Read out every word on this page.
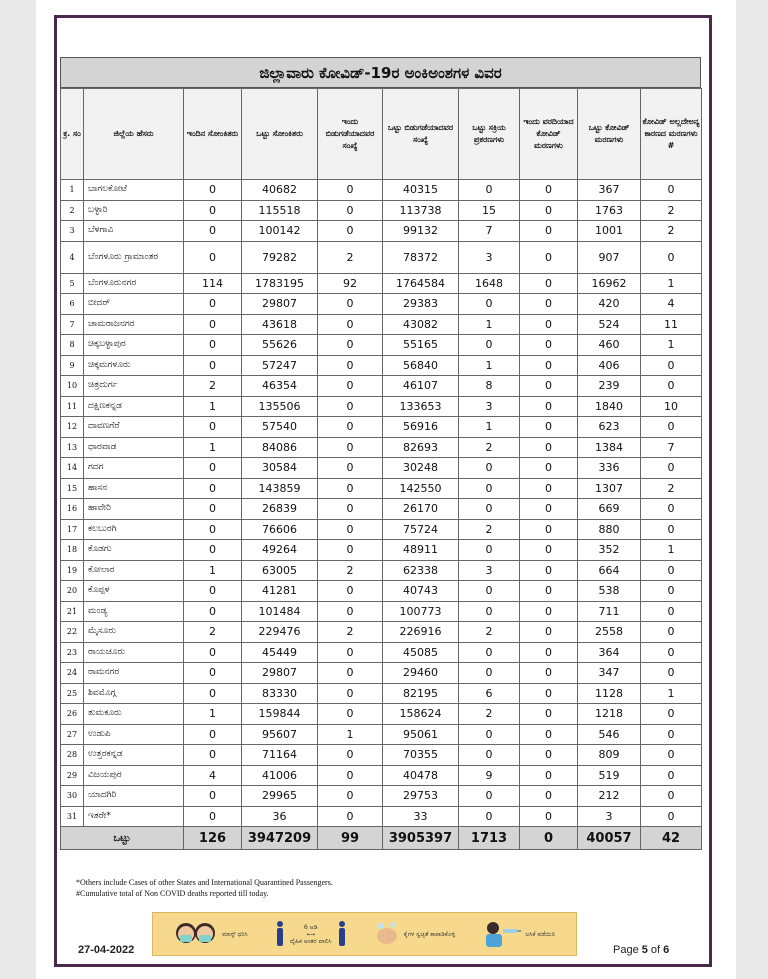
ಜಿಲ್ಲಾವಾರು ಕೋವಿಡ್-19ರ ಅಂಕಿಅಂಶಗಳ ವಿವರ
ಕ್ರ. ಸಂ	ಜಿಲ್ಲೆಯ ಹೆಸರು	ಇಂದಿನ ಸೋಂಕಿತರು	ಒಟ್ಟು ಸೋಂಕಿತರು	ಇಂದು ಬಿಡುಗಡೆಯಾದವರ ಸಂಖ್ಯೆ	ಒಟ್ಟು ಬಿಡುಗಡೆಯಾದವರ ಸಂಖ್ಯೆ	ಒಟ್ಟು ಸಕ್ರಿಯ ಪ್ರಕರಣಗಳು	ಇಂದು ವರದಿಯಾದ ಕೋವಿಡ್ ಮರಣಗಳು	ಒಟ್ಟು ಕೋವಿಡ್ ಮರಣಗಳು	ಕೋವಿಡ್ ಅಲ್ಲದೇಅನ್ಯ ಕಾರಣದ ಮರಣಗಳು #
1	ಬಾಗಲಕೋಟೆ	0	40682	0	40315	0	0	367	0
2	ಬಳ್ಳಾರಿ	0	115518	0	113738	15	0	1763	2
3	ಬೆಳಗಾವಿ	0	100142	0	99132	7	0	1001	2
4	ಬೆಂಗಳೂರು ಗ್ರಾಮಾಂತರ	0	79282	2	78372	3	0	907	0
5	ಬೆಂಗಳೂರುನಗರ	114	1783195	92	1764584	1648	0	16962	1
6	ಬೀದರ್	0	29807	0	29383	0	0	420	4
7	ಚಾಮರಾಜನಗರ	0	43618	0	43082	1	0	524	11
8	ಚಿಕ್ಕಬಳ್ಳಾಪುರ	0	55626	0	55165	0	0	460	1
9	ಚಿಕ್ಕಮಗಳೂರು	0	57247	0	56840	1	0	406	0
10	ಚಿತ್ರದುರ್ಗ	2	46354	0	46107	8	0	239	0
11	ದಕ್ಷಿಣಕನ್ನಡ	1	135506	0	133653	3	0	1840	10
12	ದಾವಣಗೆರೆ	0	57540	0	56916	1	0	623	0
13	ಧಾರವಾಡ	1	84086	0	82693	2	0	1384	7
14	ಗದಗ	0	30584	0	30248	0	0	336	0
15	ಹಾಸನ	0	143859	0	142550	0	0	1307	2
16	ಹಾವೇರಿ	0	26839	0	26170	0	0	669	0
17	ಕಲಬುರಗಿ	0	76606	0	75724	2	0	880	0
18	ಕೊಡಗು	0	49264	0	48911	0	0	352	1
19	ಕೋಲಾರ	1	63005	2	62338	3	0	664	0
20	ಕೊಪ್ಪಳ	0	41281	0	40743	0	0	538	0
21	ಮಂಡ್ಯ	0	101484	0	100773	0	0	711	0
22	ಮೈಸೂರು	2	229476	2	226916	2	0	2558	0
23	ರಾಯಚೂರು	0	45449	0	45085	0	0	364	0
24	ರಾಮನಗರ	0	29807	0	29460	0	0	347	0
25	ಶಿವಮೊಗ್ಗ	0	83330	0	82195	6	0	1128	1
26	ತುಮಕೂರು	1	159844	0	158624	2	0	1218	0
27	ಉಡುಪಿ	0	95607	1	95061	0	0	546	0
28	ಉತ್ತರಕನ್ನಡ	0	71164	0	70355	0	0	809	0
29	ವಿಜಯಪುರ	4	41006	0	40478	9	0	519	0
30	ಯಾದಗಿರಿ	0	29965	0	29753	0	0	212	0
31	ಇತರೇ*	0	36	0	33	0	0	3	0
ಒಟ್ಟು		126	3947209	99	3905397	1713	0	40057	42
*Others include Cases of other States and International Quarantined Passengers.
#Cumulative total of Non COVID deaths reported till today.
ಮಾಸ್ಕ್ ಧರಿಸಿ
6 ಅಡಿ
⟷
ದೈಹಿಕ ಅಂತರ ಪಾಲಿಸಿ
ಕೈಗಳ ಸ್ವಚ್ಛತೆ ಕಾಪಾಡಿಕೊಳ್ಳಿ	ಲಸಿಕೆ ಪಡೆಯಿರಿ
27-04-2022	Page 5 of 6
